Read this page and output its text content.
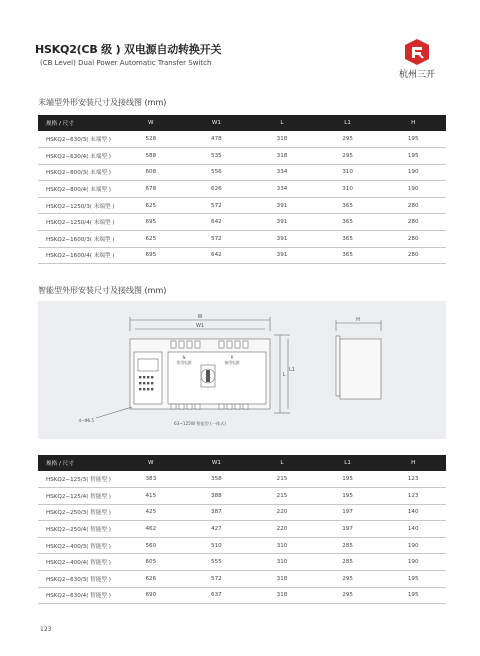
HSKQ2(CB 级 ) 双电源自动转换开关
(CB Level) Dual Power Automatic Transfer Switch
杭州三开
末端型外形安装尺寸及接线图 (mm)
规格 / 尺寸	W	W1	L	L1	H
HSKQ2−630/3( 末端型 )	528	478	318	295	195
HSKQ2−630/4( 末端型 )	588	535	318	295	195
HSKQ2−800/3( 末端型 )	608	556	334	310	190
HSKQ2−800/4( 末端型 )	678	626	334	310	190
HSKQ2−1250/3( 末端型 )	625	572	391	365	280
HSKQ2−1250/4( 末端型 )	695	642	391	365	280
HSKQ2−1600/3( 末端型 )	625	572	391	365	280
HSKQ2−1600/4( 末端型 )	695	642	391	365	280
智能型外形安装尺寸及接线图 (mm)
W
W1
H
L
L1
4−Φ6.5
63~125W 智能型 (一体式)
N
常用电源
R
备用电源
规格 / 尺寸	W	W1	L	L1	H
HSKQ2−125/3( 智能型 )	383	358	215	195	123
HSKQ2−125/4( 智能型 )	415	388	215	195	123
HSKQ2−250/3( 智能型 )	425	387	220	197	140
HSKQ2−250/4( 智能型 )	462	427	220	197	140
HSKQ2−400/3( 智能型 )	560	510	310	285	190
HSKQ2−400/4( 智能型 )	605	555	310	285	190
HSKQ2−630/3( 智能型 )	626	572	318	295	195
HSKQ2−630/4( 智能型 )	690	637	318	295	195
123
